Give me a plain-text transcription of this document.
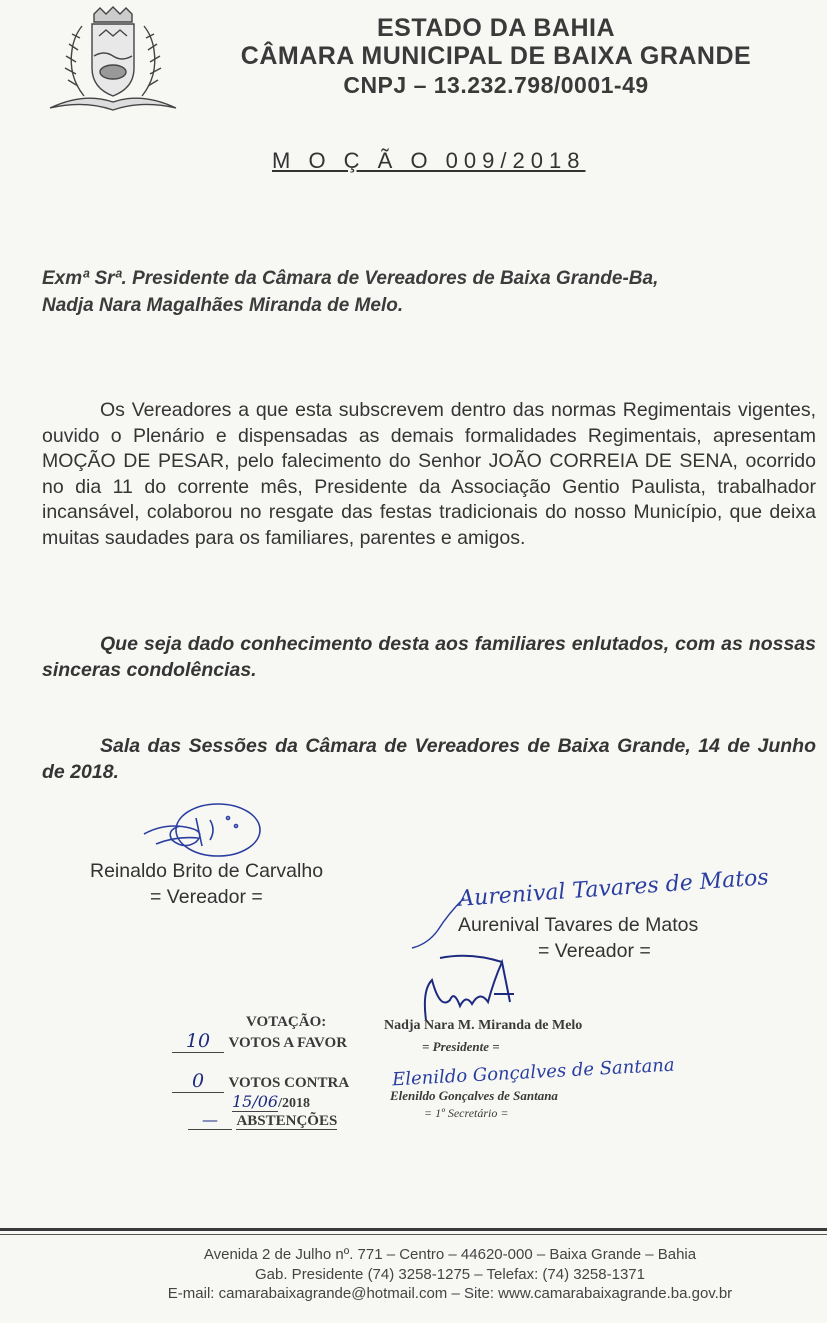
ESTADO DA BAHIA
CÂMARA MUNICIPAL DE BAIXA GRANDE
CNPJ – 13.232.798/0001-49
M O Ç Ã O 009/2018
Exmª Srª. Presidente da Câmara de Vereadores de Baixa Grande-Ba,
Nadja Nara Magalhães Miranda de Melo.
Os Vereadores a que esta subscrevem dentro das normas Regimentais vigentes, ouvido o Plenário e dispensadas as demais formalidades Regimentais, apresentam MOÇÃO DE PESAR, pelo falecimento do Senhor JOÃO CORREIA DE SENA, ocorrido no dia 11 do corrente mês, Presidente da Associação Gentio Paulista, trabalhador incansável, colaborou no resgate das festas tradicionais do nosso Município, que deixa muitas saudades para os familiares, parentes e amigos.
Que seja dado conhecimento desta aos familiares enlutados, com as nossas sinceras condolências.
Sala das Sessões da Câmara de Vereadores de Baixa Grande, 14 de Junho de 2018.
Reinaldo Brito de Carvalho
= Vereador =	Aurenival Tavares de Matos
Aurenival Tavares de Matos
= Vereador =
Nadja Nara M. Miranda de Melo
= Presidente =
Elenildo Gonçalves de Santana
Elenildo Gonçalves de Santana
= 1º Secretário =
VOTAÇÃO:
10 VOTOS A FAVOR
0 VOTOS CONTRA
15/06/2018
— ABSTENÇÕES
Avenida 2 de Julho nº. 771 – Centro – 44620-000 – Baixa Grande – Bahia
Gab. Presidente (74) 3258-1275 – Telefax: (74) 3258-1371
E-mail: camarabaixagrande@hotmail.com – Site: www.camarabaixagrande.ba.gov.br
